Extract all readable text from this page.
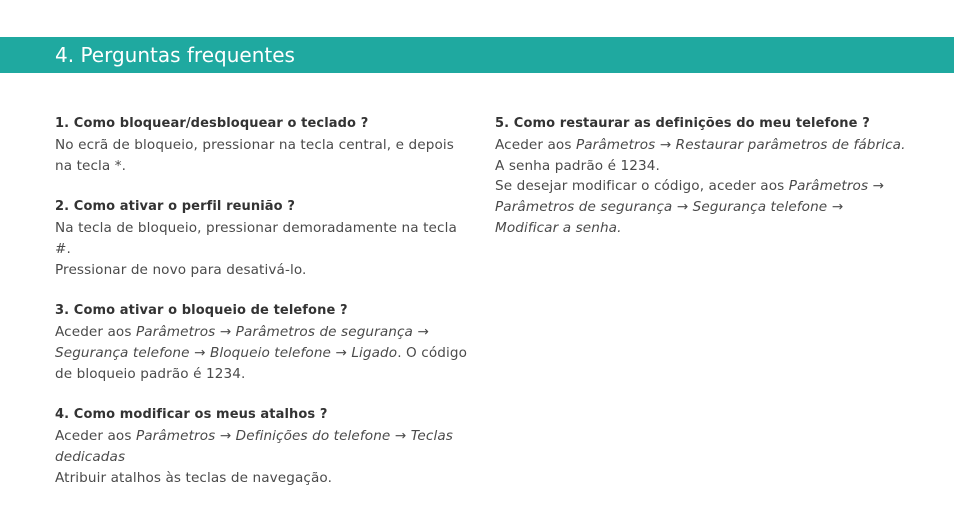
4. Perguntas frequentes

1. Como bloquear/desbloquear o teclado ?

No ecrã de bloqueio, pressionar na tecla central, e depois na tecla *.

2. Como ativar o perfil reunião ?

Na tecla de bloqueio, pressionar demoradamente na tecla #.

Pressionar de novo para desativá-lo.

3. Como ativar o bloqueio de telefone ?

Aceder aos Parâmetros → Parâmetros de segurança → Segurança telefone → Bloqueio telefone → Ligado. O código de bloqueio padrão é 1234.

4. Como modificar os meus atalhos ?

Aceder aos Parâmetros → Definições do telefone → Teclas dedicadas

Atribuir atalhos às teclas de navegação.

5. Como restaurar as definições do meu telefone ?

Aceder aos Parâmetros → Restaurar parâmetros de fábrica.

A senha padrão é 1234.

Se desejar modificar o código, aceder aos Parâmetros → Parâmetros de segurança → Segurança telefone → Modificar a senha.
